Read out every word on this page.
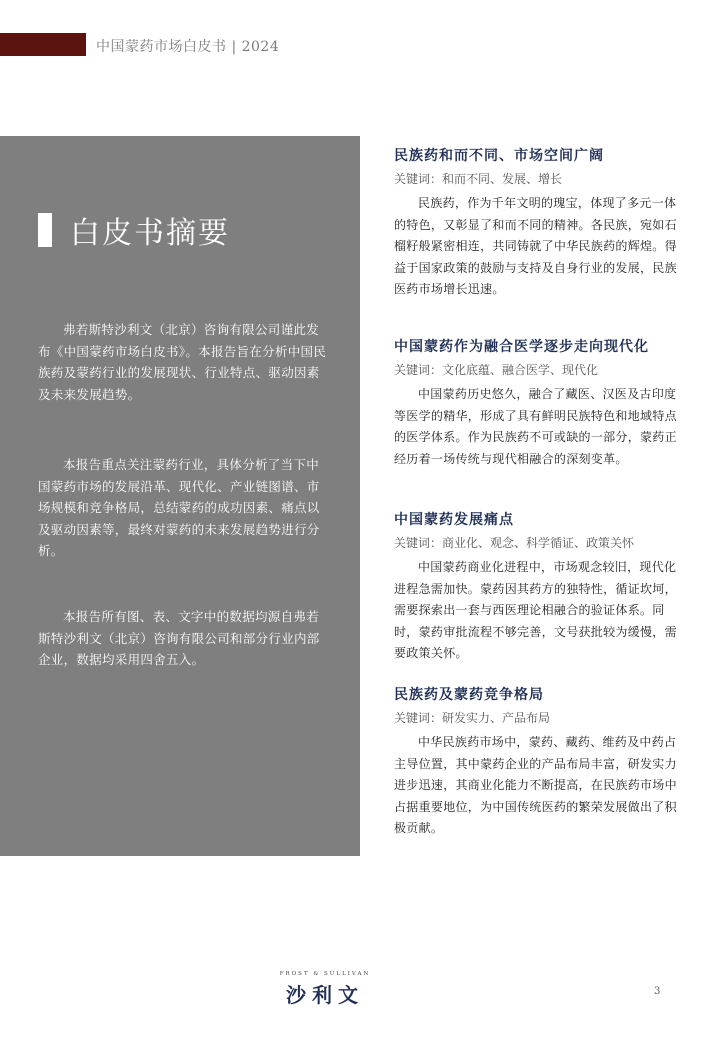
中国蒙药市场白皮书 | 2024
白皮书摘要
弗若斯特沙利文（北京）咨询有限公司谨此发布《中国蒙药市场白皮书》。本报告旨在分析中国民族药及蒙药行业的发展现状、行业特点、驱动因素及未来发展趋势。
本报告重点关注蒙药行业，具体分析了当下中国蒙药市场的发展沿革、现代化、产业链图谱、市场规模和竞争格局，总结蒙药的成功因素、痛点以及驱动因素等，最终对蒙药的未来发展趋势进行分析。
本报告所有图、表、文字中的数据均源自弗若斯特沙利文（北京）咨询有限公司和部分行业内部企业，数据均采用四舍五入。
民族药和而不同、市场空间广阔
关键词：和而不同、发展、增长
民族药，作为千年文明的瑰宝，体现了多元一体的特色，又彰显了和而不同的精神。各民族，宛如石榴籽般紧密相连，共同铸就了中华民族药的辉煌。得益于国家政策的鼓励与支持及自身行业的发展，民族医药市场增长迅速。
中国蒙药作为融合医学逐步走向现代化
关键词：文化底蕴、融合医学、现代化
中国蒙药历史悠久，融合了藏医、汉医及古印度等医学的精华，形成了具有鲜明民族特色和地域特点的医学体系。作为民族药不可或缺的一部分，蒙药正经历着一场传统与现代相融合的深刻变革。
中国蒙药发展痛点
关键词：商业化、观念、科学循证、政策关怀
中国蒙药商业化进程中，市场观念较旧，现代化进程急需加快。蒙药因其药方的独特性，循证坎坷，需要探索出一套与西医理论相融合的验证体系。同时，蒙药审批流程不够完善，文号获批较为缓慢，需要政策关怀。
民族药及蒙药竞争格局
关键词：研发实力、产品布局
中华民族药市场中，蒙药、藏药、维药及中药占主导位置，其中蒙药企业的产品布局丰富，研发实力进步迅速，其商业化能力不断提高，在民族药市场中占据重要地位，为中国传统医药的繁荣发展做出了积极贡献。
FROST & SULLIVAN
沙利文	3
